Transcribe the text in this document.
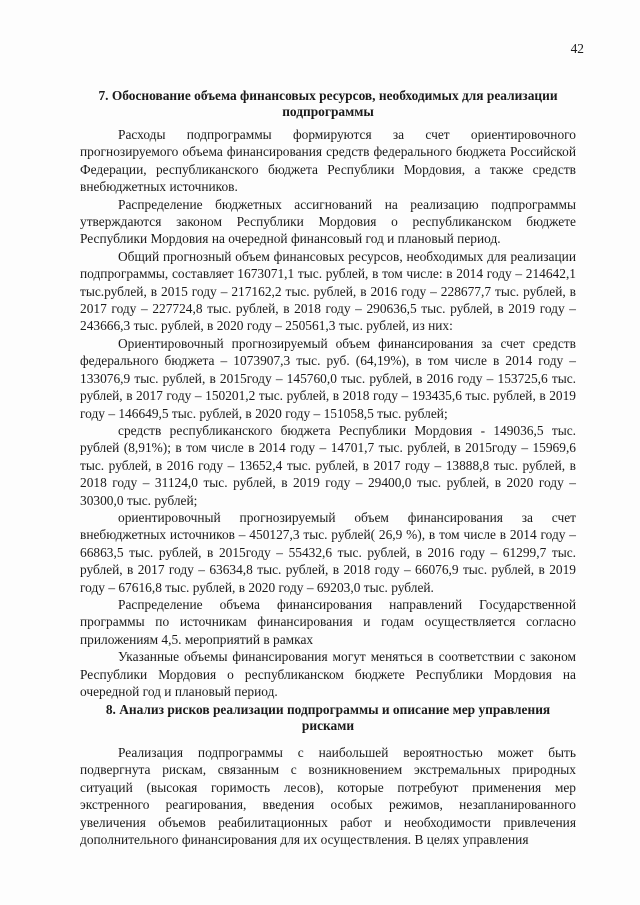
42

7. Обоснование объема финансовых ресурсов, необходимых для реализации
подпрограммы

Расходы подпрограммы формируются за счет ориентировочного прогнозируемого объема финансирования средств федерального бюджета Российской Федерации, республиканского бюджета Республики Мордовия, а также средств внебюджетных источников.

Распределение бюджетных ассигнований на реализацию подпрограммы утверждаются законом Республики Мордовия о республиканском бюджете Республики Мордовия на очередной финансовый год и плановый период.

Общий прогнозный объем финансовых ресурсов, необходимых для реализации подпрограммы, составляет 1673071,1 тыс. рублей, в том числе: в 2014 году – 214642,1 тыс.рублей, в 2015 году – 217162,2 тыс. рублей, в 2016 году – 228677,7 тыс. рублей, в 2017 году – 227724,8 тыс. рублей, в 2018 году – 290636,5 тыс. рублей, в 2019 году – 243666,3 тыс. рублей, в 2020 году – 250561,3 тыс. рублей, из них:

Ориентировочный прогнозируемый объем финансирования за счет средств федерального бюджета – 1073907,3 тыс. руб. (64,19%), в том числе в 2014 году – 133076,9 тыс. рублей, в 2015году – 145760,0 тыс. рублей, в 2016 году – 153725,6 тыс. рублей, в 2017 году – 150201,2 тыс. рублей, в 2018 году – 193435,6 тыс. рублей, в 2019 году – 146649,5 тыс. рублей, в 2020 году – 151058,5 тыс. рублей;

средств республиканского бюджета Республики Мордовия - 149036,5 тыс. рублей (8,91%); в том числе в 2014 году – 14701,7 тыс. рублей, в 2015году – 15969,6 тыс. рублей, в 2016 году – 13652,4 тыс. рублей, в 2017 году – 13888,8 тыс. рублей, в 2018 году – 31124,0 тыс. рублей, в 2019 году – 29400,0 тыс. рублей, в 2020 году – 30300,0 тыс. рублей;

ориентировочный прогнозируемый объем финансирования за счет внебюджетных источников – 450127,3 тыс. рублей( 26,9 %), в том числе в 2014 году – 66863,5 тыс. рублей, в 2015году – 55432,6 тыс. рублей, в 2016 году – 61299,7 тыс. рублей, в 2017 году – 63634,8 тыс. рублей, в 2018 году – 66076,9 тыс. рублей, в 2019 году – 67616,8 тыс. рублей, в 2020 году – 69203,0 тыс. рублей.

Распределение объема финансирования направлений Государственной программы по источникам финансирования и годам осуществляется согласно приложениям 4,5. мероприятий в рамках

Указанные объемы финансирования могут меняться в соответствии с законом Республики Мордовия о республиканском бюджете Республики Мордовия на очередной год и плановый период.

8. Анализ рисков реализации подпрограммы и описание мер управления
рисками

Реализация подпрограммы с наибольшей вероятностью может быть подвергнута рискам, связанным с возникновением экстремальных природных ситуаций (высокая горимость лесов), которые потребуют применения мер экстренного реагирования, введения особых режимов, незапланированного увеличения объемов реабилитационных работ и необходимости привлечения дополнительного финансирования для их осуществления. В целях управления
